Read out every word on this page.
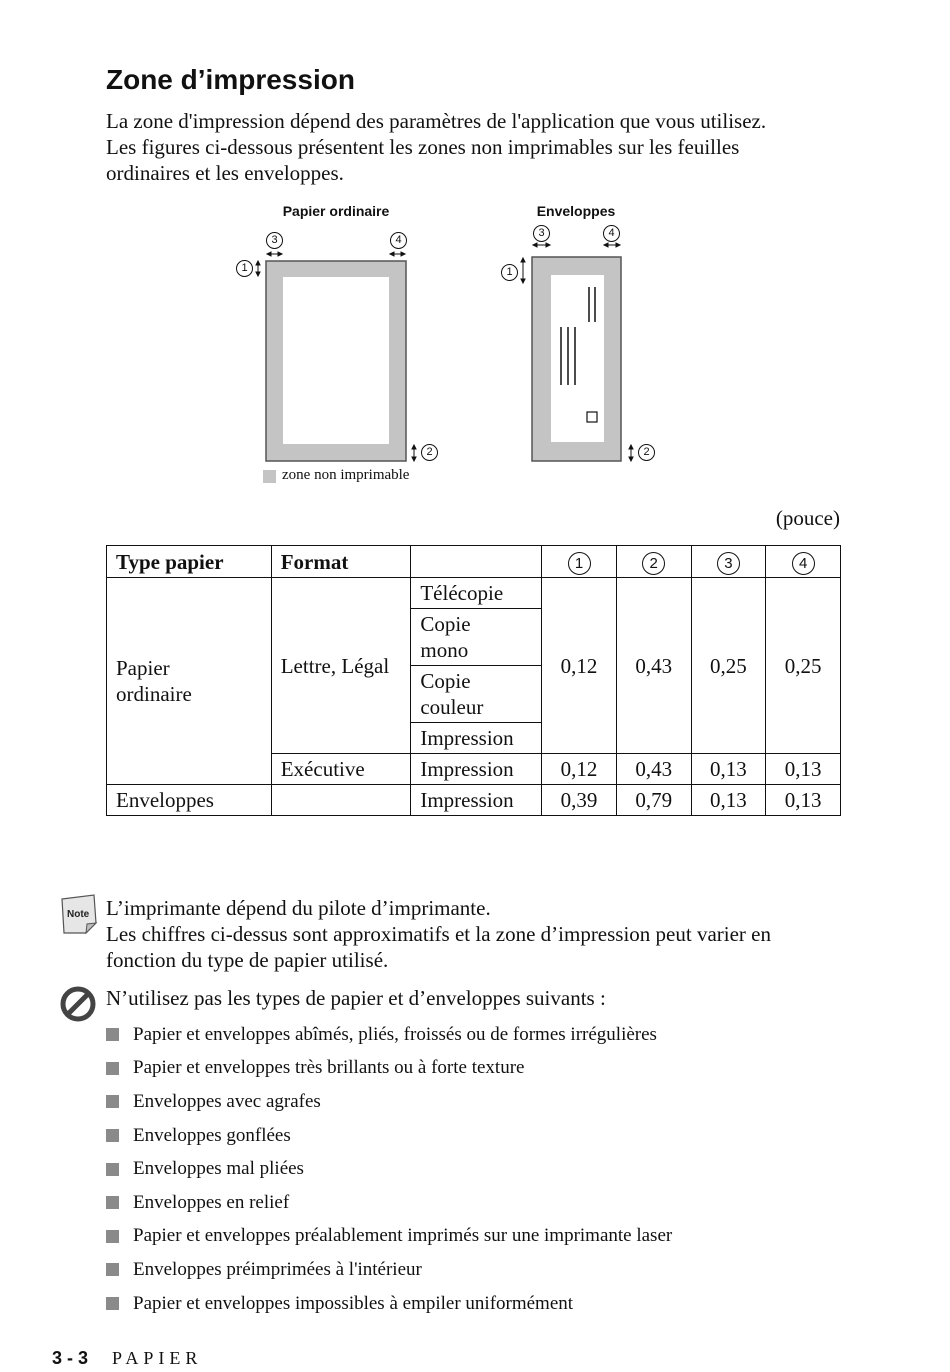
Zone d’impression
La zone d'impression dépend des paramètres de l'application que vous utilisez.
Les figures ci-dessous présentent les zones non imprimables sur les feuilles
ordinaires et les enveloppes.
Papier ordinaire	Enveloppes
3	4
1
2
3	4
1
2
zone non imprimable
(pouce)
Type papier	Format		1	2	3	4

Papier ordinaire	Lettre, Légal	Télécopie	0,12	0,43	0,25	0,25

		Copie mono				

		Copie couleur				

		Impression				
	Exécutive	Impression	0,12	0,43	0,13	0,13
Enveloppes		Impression	0,39	0,79	0,13	0,13
Note L’imprimante dépend du pilote d’imprimante.
Les chiffres ci-dessus sont approximatifs et la zone d’impression peut varier en
fonction du type de papier utilisé.
N’utilisez pas les types de papier et d’enveloppes suivants :
Papier et enveloppes abîmés, pliés, froissés ou de formes irrégulières
Papier et enveloppes très brillants ou à forte texture
Enveloppes avec agrafes
Enveloppes gonflées
Enveloppes mal pliées
Enveloppes en relief
Papier et enveloppes préalablement imprimés sur une imprimante laser
Enveloppes préimprimées à l'intérieur
Papier et enveloppes impossibles à empiler uniformément
3 - 3 PAPIER
